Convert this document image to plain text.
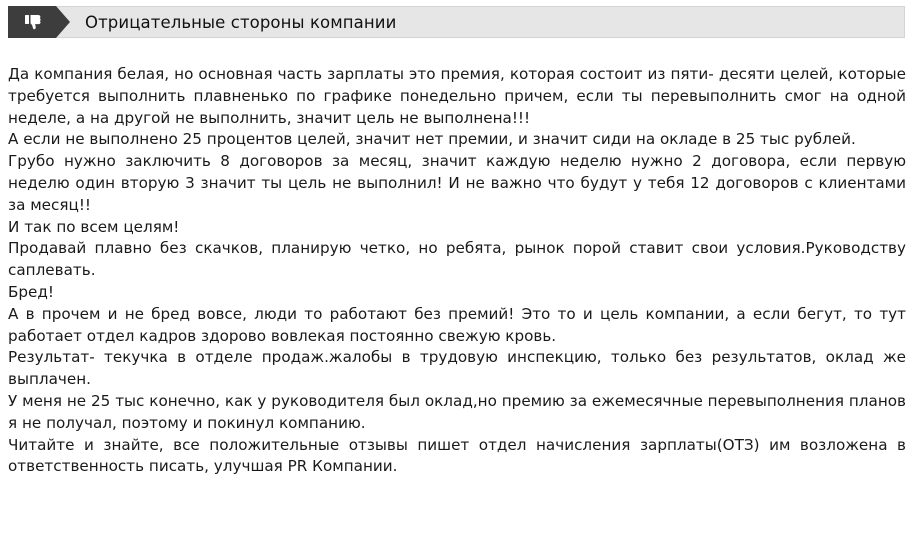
Отрицательные стороны компании

Да компания белая, но основная часть зарплаты это премия, которая состоит из пяти- десяти целей, которые требуется выполнить плавненько по графике понедельно причем, если ты перевыполнить смог на одной неделе, а на другой не выполнить, значит цель не выполнена!!!

А если не выполнено 25 процентов целей, значит нет премии, и значит сиди на окладе в 25 тыс рублей.

Грубо нужно заключить 8 договоров за месяц, значит каждую неделю нужно 2 договора, если первую неделю один вторую 3 значит ты цель не выполнил! И не важно что будут у тебя 12 договоров с клиентами за месяц!!

И так по всем целям!

Продавай плавно без скачков, планирую четко, но ребята, рынок порой ставит свои условия.Руководству саплевать.

Бред!

А в прочем и не бред вовсе, люди то работают без премий! Это то и цель компании, а если бегут, то тут работает отдел кадров здорово вовлекая постоянно свежую кровь.

Результат- текучка в отделе продаж.жалобы в трудовую инспекцию, только без результатов, оклад же выплачен.

У меня не 25 тыс конечно, как у руководителя был оклад,но премию за ежемесячные перевыполнения планов я не получал, поэтому и покинул компанию.

Читайте и знайте, все положительные отзывы пишет отдел начисления зарплаты(ОТЗ) им возложена в ответственность писать, улучшая PR Компании.
